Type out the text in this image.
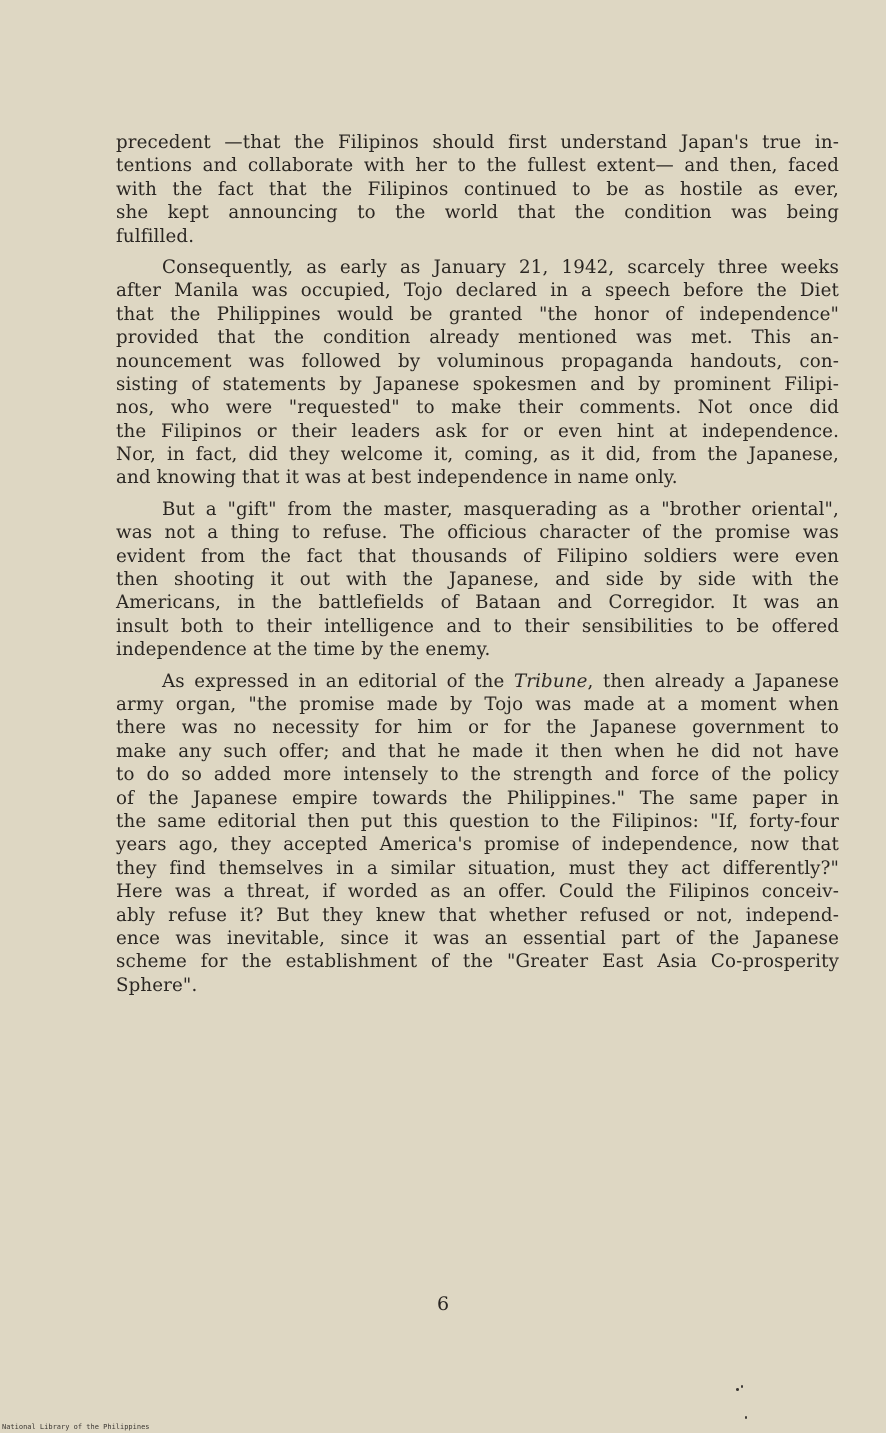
precedent —that the Filipinos should first understand Japan's true in-
tentions and collaborate with her to the fullest extent— and then, faced
with the fact that the Filipinos continued to be as hostile as ever,
she kept announcing to the world that the condition was being
fulfilled.
Consequently, as early as January 21, 1942, scarcely three weeks
after Manila was occupied, Tojo declared in a speech before the Diet
that the Philippines would be granted "the honor of independence"
provided that the condition already mentioned was met. This an-
nouncement was followed by voluminous propaganda handouts, con-
sisting of statements by Japanese spokesmen and by prominent Filipi-
nos, who were "requested" to make their comments. Not once did
the Filipinos or their leaders ask for or even hint at independence.
Nor, in fact, did they welcome it, coming, as it did, from the Japanese,
and knowing that it was at best independence in name only.
But a "gift" from the master, masquerading as a "brother oriental",
was not a thing to refuse. The officious character of the promise was
evident from the fact that thousands of Filipino soldiers were even
then shooting it out with the Japanese, and side by side with the
Americans, in the battlefields of Bataan and Corregidor. It was an
insult both to their intelligence and to their sensibilities to be offered
independence at the time by the enemy.
As expressed in an editorial of the Tribune, then already a Japanese
army organ, "the promise made by Tojo was made at a moment when
there was no necessity for him or for the Japanese government to
make any such offer; and that he made it then when he did not have
to do so added more intensely to the strength and force of the policy
of the Japanese empire towards the Philippines." The same paper in
the same editorial then put this question to the Filipinos: "If, forty-four
years ago, they accepted America's promise of independence, now that
they find themselves in a similar situation, must they act differently?"
Here was a threat, if worded as an offer. Could the Filipinos conceiv-
ably refuse it? But they knew that whether refused or not, independ-
ence was inevitable, since it was an essential part of the Japanese
scheme for the establishment of the "Greater East Asia Co-prosperity
Sphere".
6
National Library of the Philippines
